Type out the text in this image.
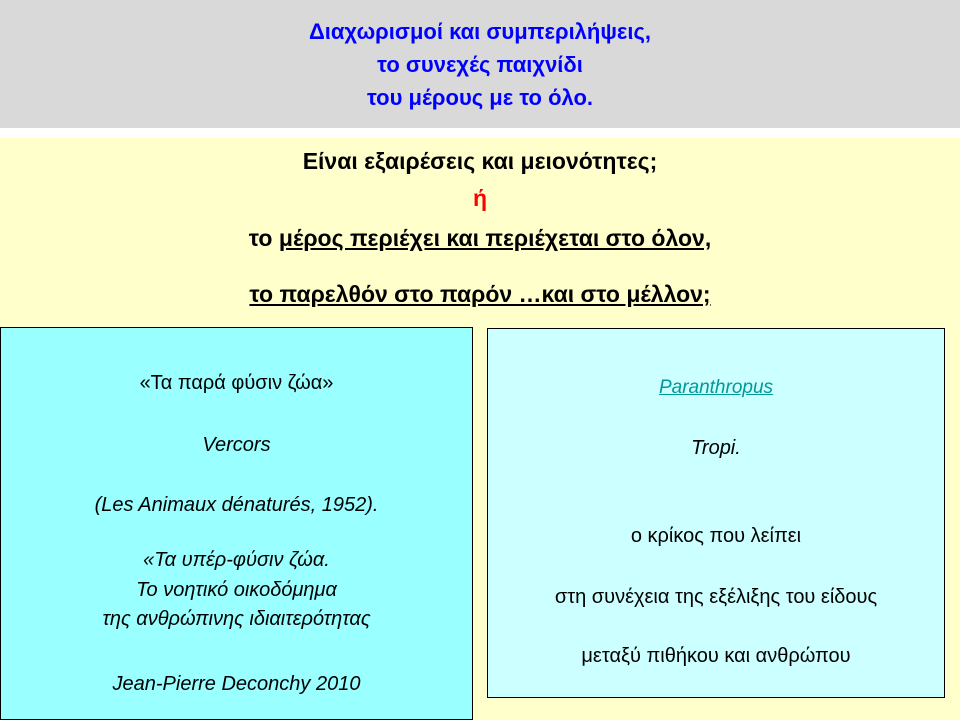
Διαχωρισμοί και συμπεριλήψεις,
το συνεχές παιχνίδι
του μέρους με το όλο.
Είναι εξαιρέσεις και μειονότητες;
ή
το μέρος περιέχει και περιέχεται στο όλον,
το παρελθόν στο παρόν …και στο μέλλον;
«Τα παρά φύσιν ζώα»
Vercors
(Les Animaux dénaturés, 1952).
«Τα υπέρ-φύσιν ζώα.
Το νοητικό οικοδόμημα
της ανθρώπινης ιδιαιτερότητας
Jean-Pierre Deconchy 2010
Paranthropus
Tropi.
ο κρίκος που λείπει
στη συνέχεια της εξέλιξης του είδους
μεταξύ πιθήκου και ανθρώπου
